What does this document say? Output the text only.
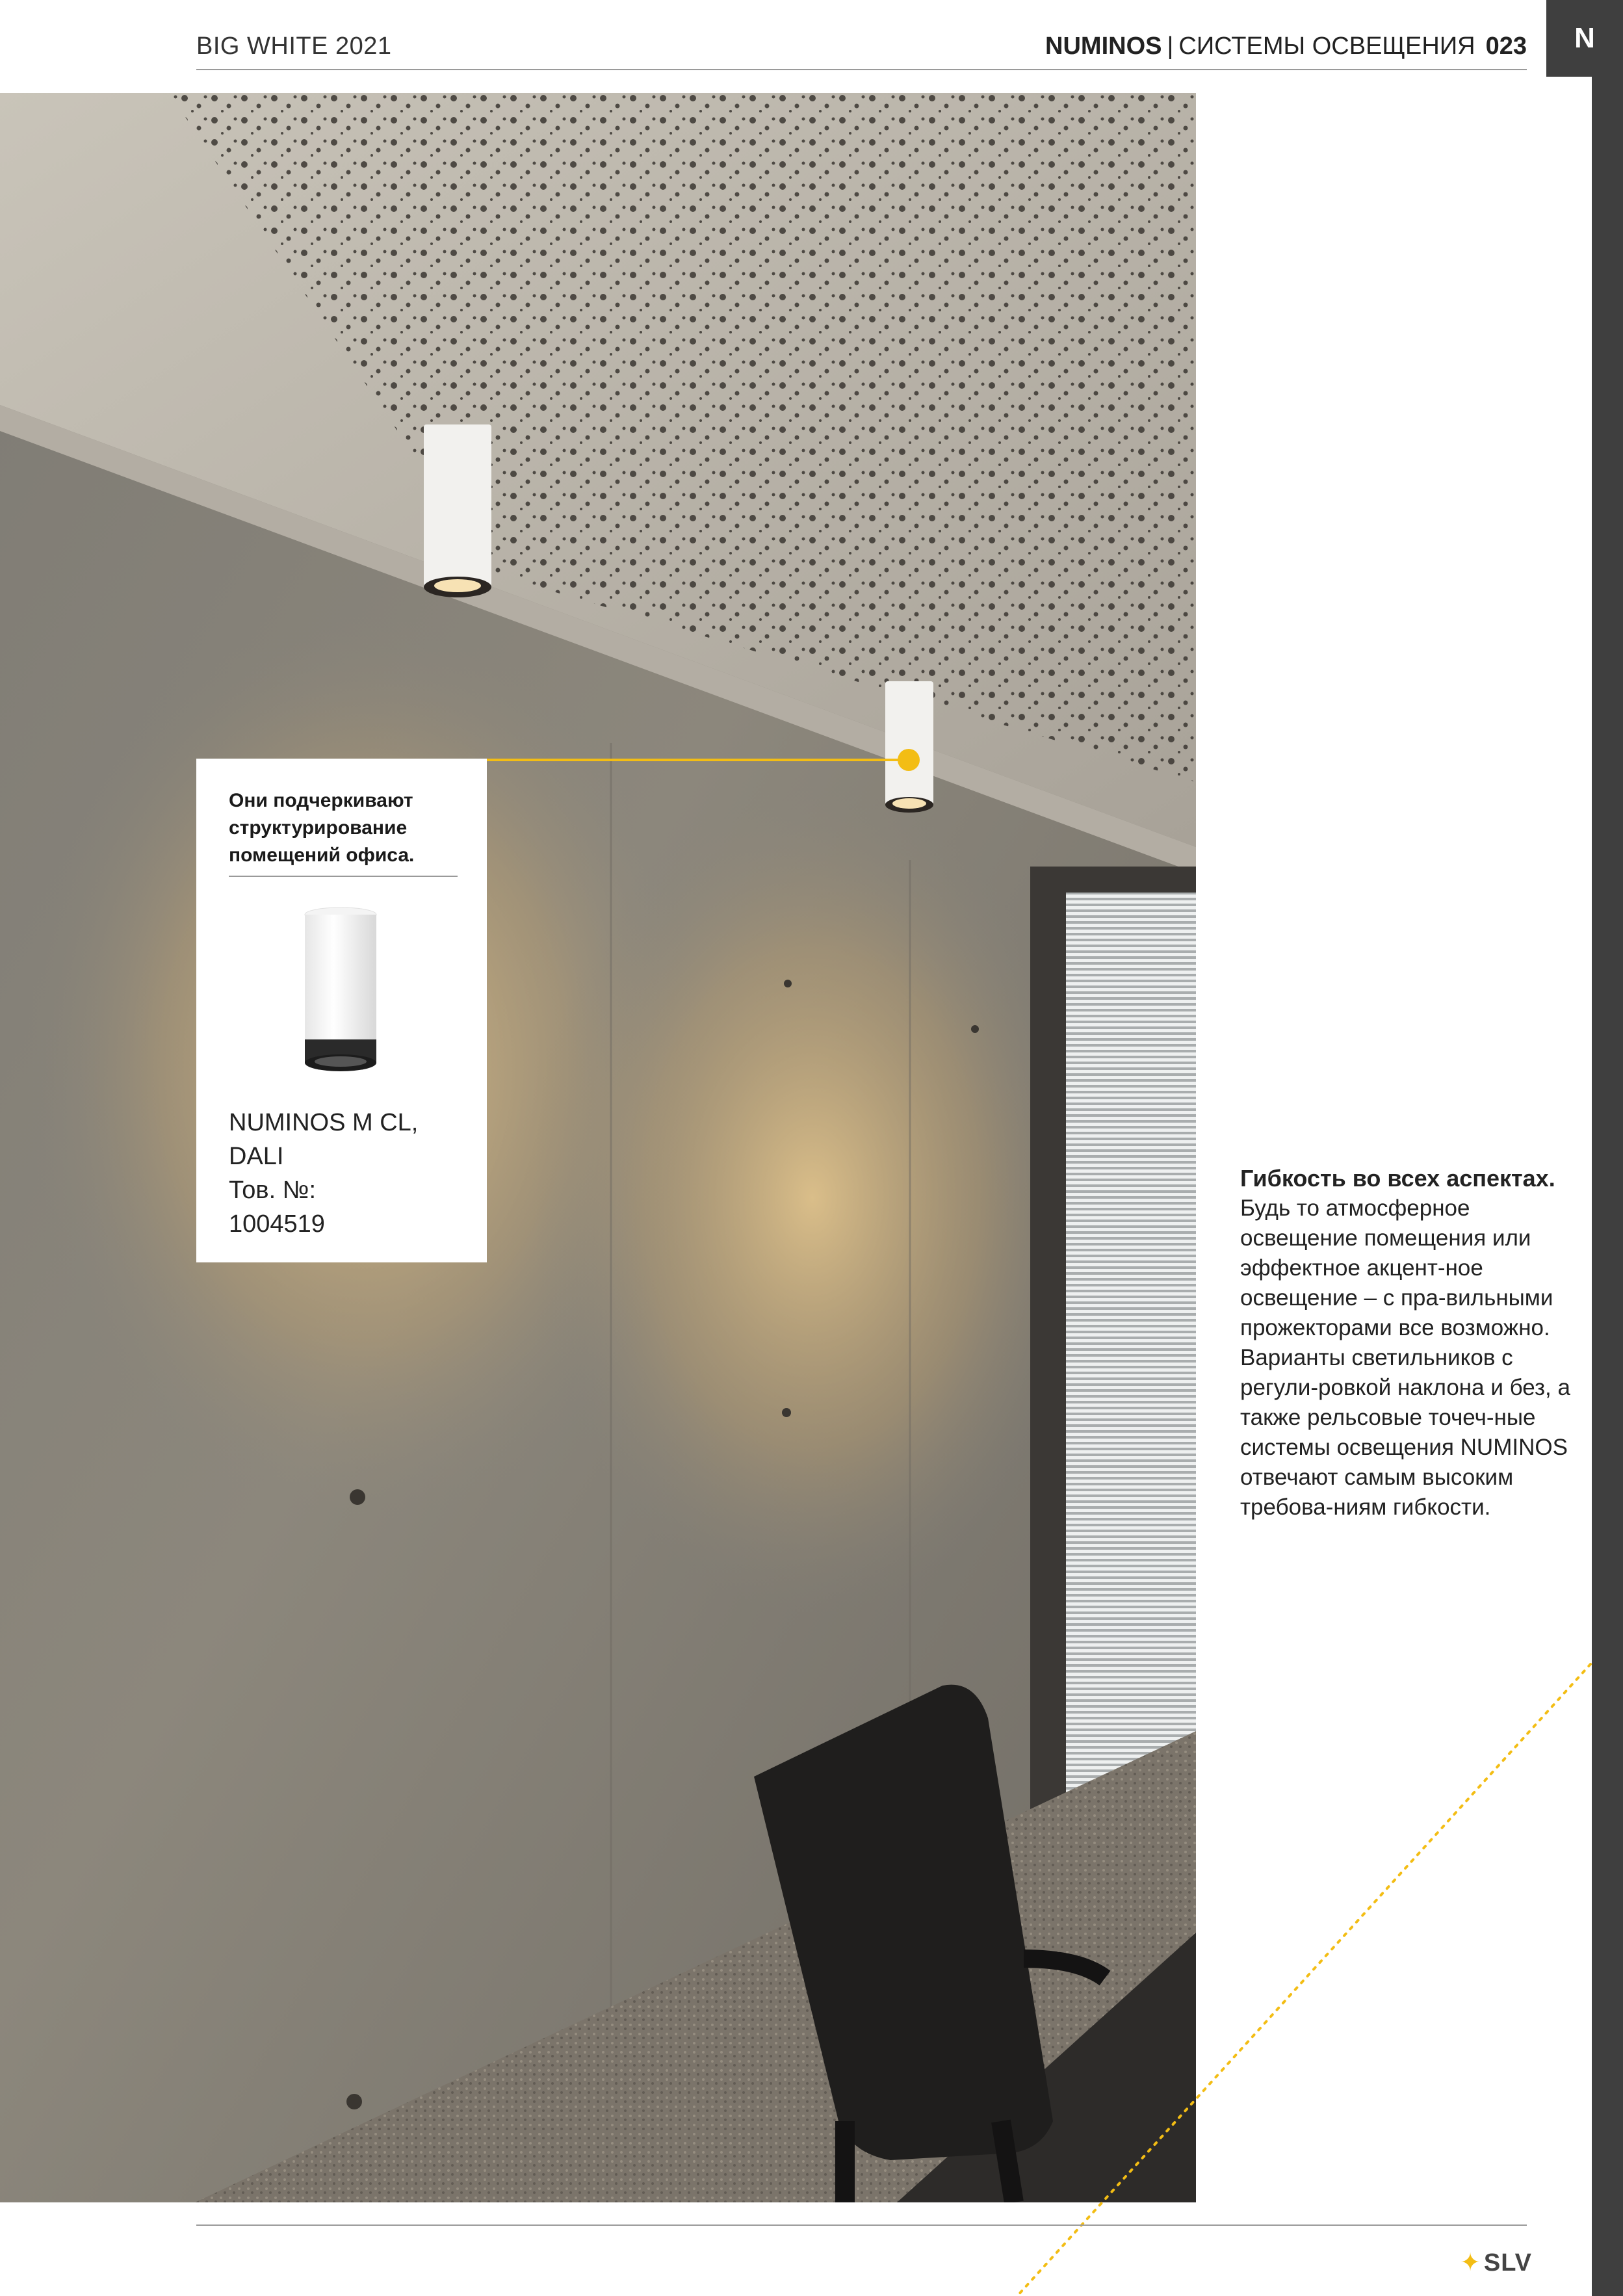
BIG WHITE 2021	NUMINOS | СИСТЕМЫ ОСВЕЩЕНИЯ 023	N
Они подчеркивают структурирование помещений офиса.
NUMINOS M CL, DALI
Тов. №:
1004519

Гибкость во всех аспектах.

Будь то атмосферное освещение помещения или эффектное акцент-ное освещение – с пра-вильными прожекторами все возможно. Варианты светильников с регули-ровкой наклона и без, а также рельсовые точеч-ные системы освещения NUMINOS отвечают самым высоким требова-ниям гибкости.

✦ SLV
